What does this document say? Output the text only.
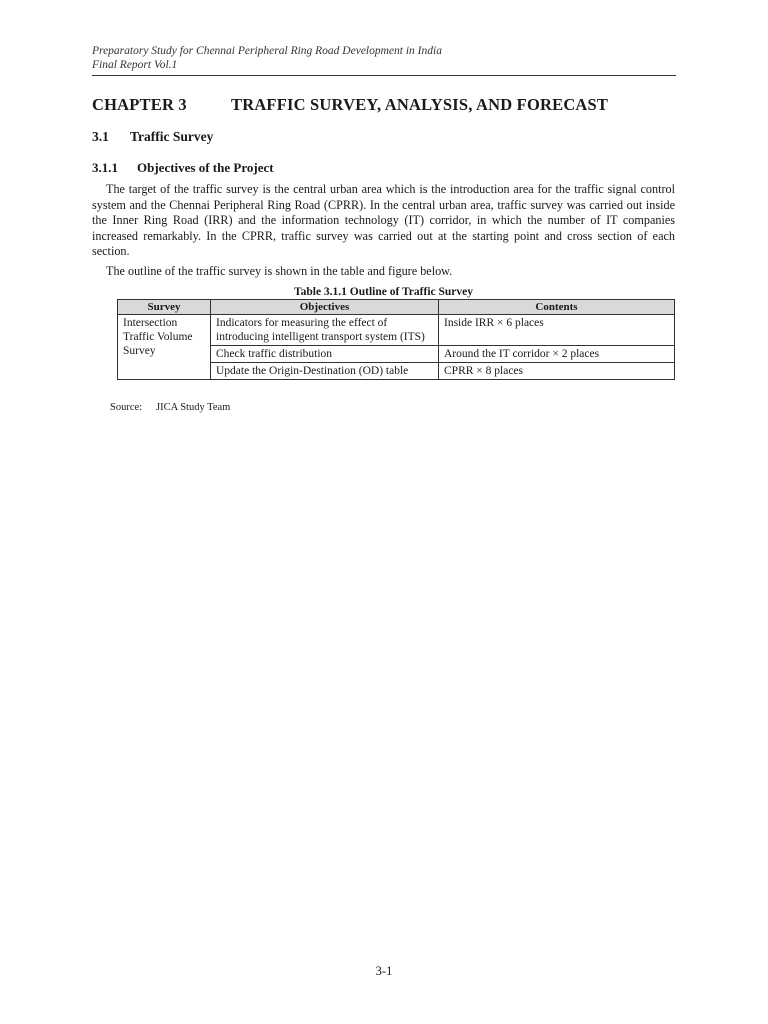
Preparatory Study for Chennai Peripheral Ring Road Development in India
Final Report Vol.1
CHAPTER 3	TRAFFIC SURVEY, ANALYSIS, AND FORECAST
3.1 Traffic Survey
3.1.1 Objectives of the Project

The target of the traffic survey is the central urban area which is the introduction area for the traffic signal control system and the Chennai Peripheral Ring Road (CPRR). In the central urban area, traffic survey was carried out inside the Inner Ring Road (IRR) and the information technology (IT) corridor, in which the number of IT companies increased remarkably. In the CPRR, traffic survey was carried out at the starting point and cross section of each section.

The outline of the traffic survey is shown in the table and figure below.

Table 3.1.1 Outline of Traffic Survey
Survey	Objectives	Contents
Intersection Traffic Volume Survey	Indicators for measuring the effect of introducing intelligent transport system (ITS)	Inside IRR × 6 places
	Check traffic distribution	Around the IT corridor × 2 places
	Update the Origin-Destination (OD) table	CPRR × 8 places
Source: JICA Study Team
3-1
